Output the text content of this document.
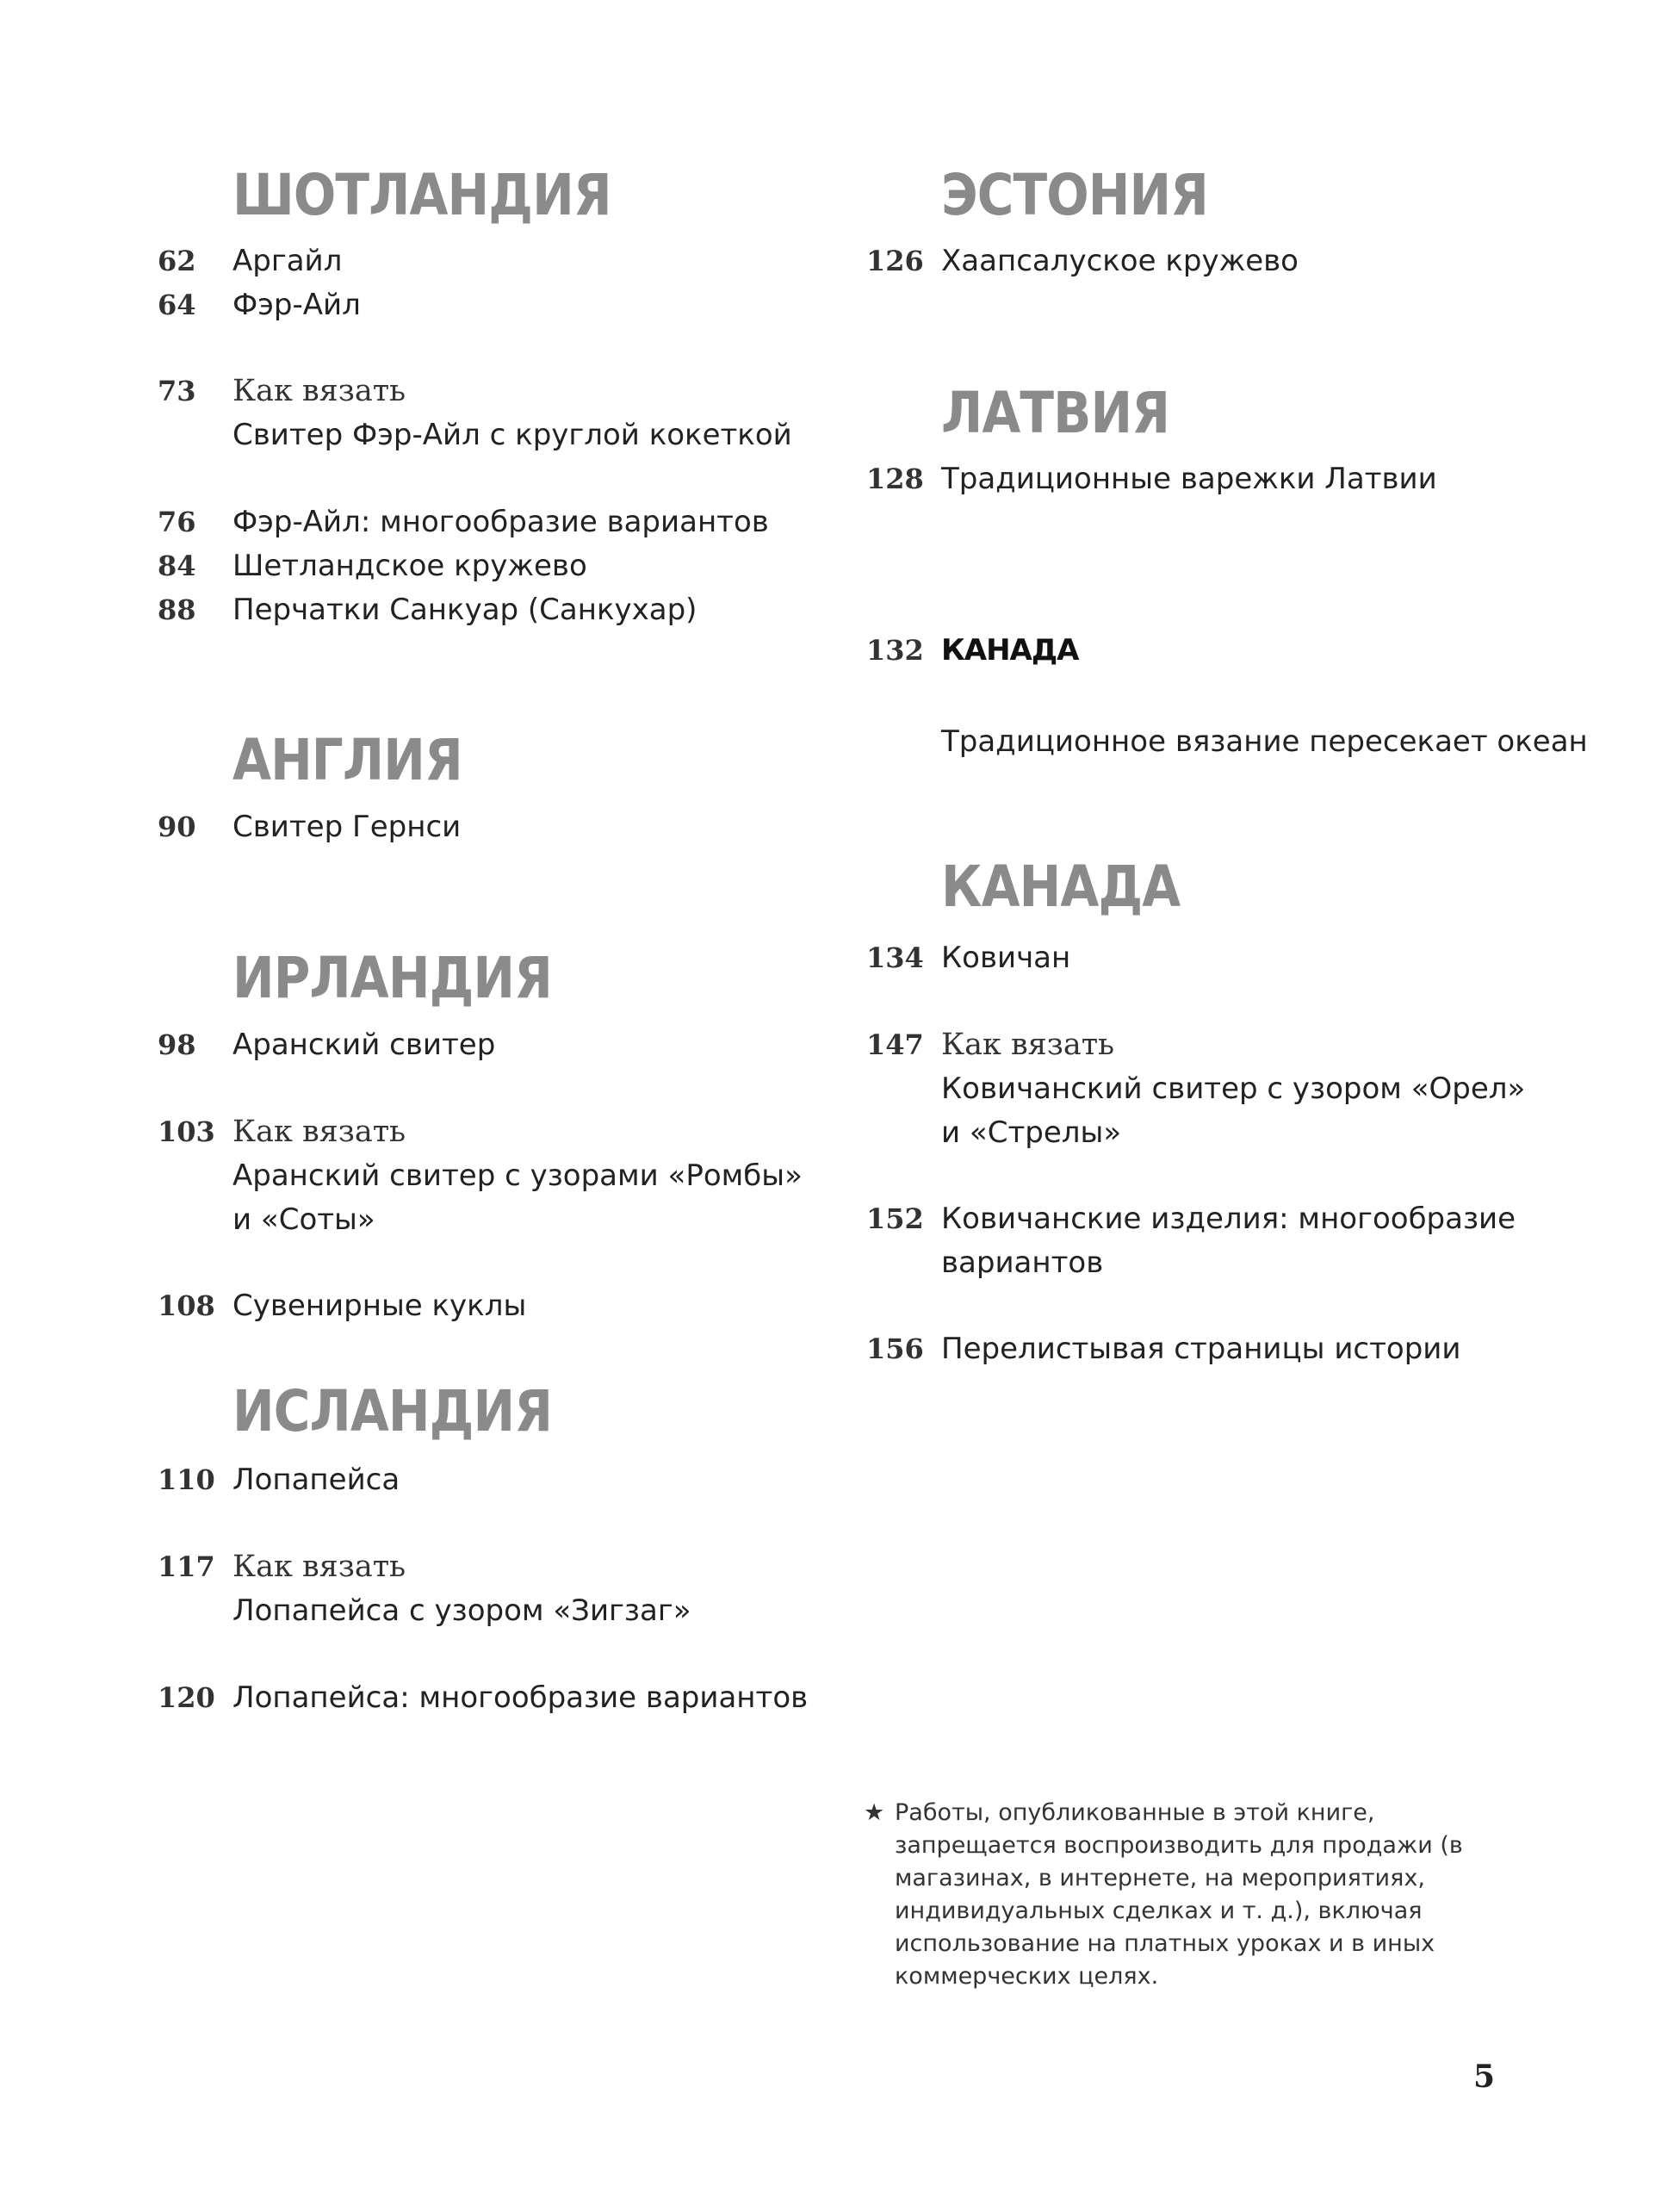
ШОТЛАНДИЯ
62 Аргайл
64 Фэр-Айл
73 Как вязать
Свитер Фэр-Айл с круглой кокеткой
76 Фэр-Айл: многообразие вариантов
84 Шетландское кружево
88 Перчатки Санкуар (Санкухар)
АНГЛИЯ
90 Свитер Гернси
ИРЛАНДИЯ
98 Аранский свитер
103 Как вязать
Аранский свитер с узорами «Ромбы»
и «Соты»
108 Сувенирные куклы
ИСЛАНДИЯ
110 Лопапейса
117 Как вязать
Лопапейса с узором «Зигзаг»
120 Лопапейса: многообразие вариантов
ЭСТОНИЯ
126 Хаапсалуское кружево
ЛАТВИЯ
128 Традиционные варежки Латвии
132 КАНАДА
Традиционное вязание пересекает океан
КАНАДА
134 Ковичан
147 Как вязать
Ковичанский свитер с узором «Орел»
и «Стрелы»
152 Ковичанские изделия: многообразие
вариантов
156 Перелистывая страницы истории
★ Работы, опубликованные в этой книге, запрещается воспроизводить для продажи (в магазинах, в интернете, на мероприятиях, индивидуальных сделках и т. д.), включая использование на платных уроках и в иных коммерческих целях.
5
